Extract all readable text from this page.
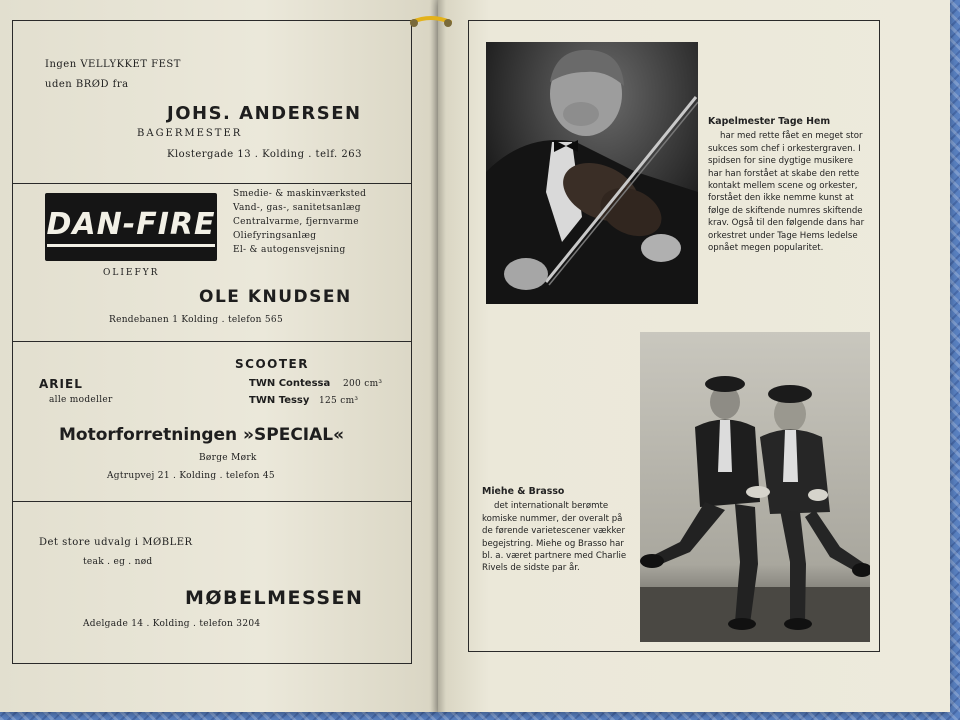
Ingen VELLYKKET FEST
uden BRØD fra
JOHS. ANDERSEN
BAGERMESTER
Klostergade 13 . Kolding . telf. 263
DAN-FIRE
OLIEFYR
Smedie- & maskinværksted
Vand-, gas-, sanitetsanlæg
Centralvarme, fjernvarme
Oliefyringsanlæg
El- & autogensvejsning
OLE KNUDSEN
Rendebanen 1 Kolding . telefon 565
SCOOTER
ARIEL
alle modeller
TWN Contessa 200 cm³
TWN Tessy 125 cm³
Motorforretningen »SPECIAL«
Børge Mørk
Agtrupvej 21 . Kolding . telefon 45
Det store udvalg i MØBLER
teak . eg . nød
MØBELMESSEN
Adelgade 14 . Kolding . telefon 3204
Kapelmester Tage Hem

har med rette fået en meget stor sukces som chef i orkestergraven. I spidsen for sine dygtige musikere har han forstået at skabe den rette kontakt mellem scene og orkester, forstået den ikke nemme kunst at følge de skiftende numres skiftende krav. Også til den følgende dans har orkestret under Tage Hems ledelse opnået megen popularitet.

Miehe & Brasso

det internationalt berømte komiske nummer, der overalt på de førende varietescener vækker begejstring. Miehe og Brasso har bl. a. været partnere med Charlie Rivels de sidste par år.
